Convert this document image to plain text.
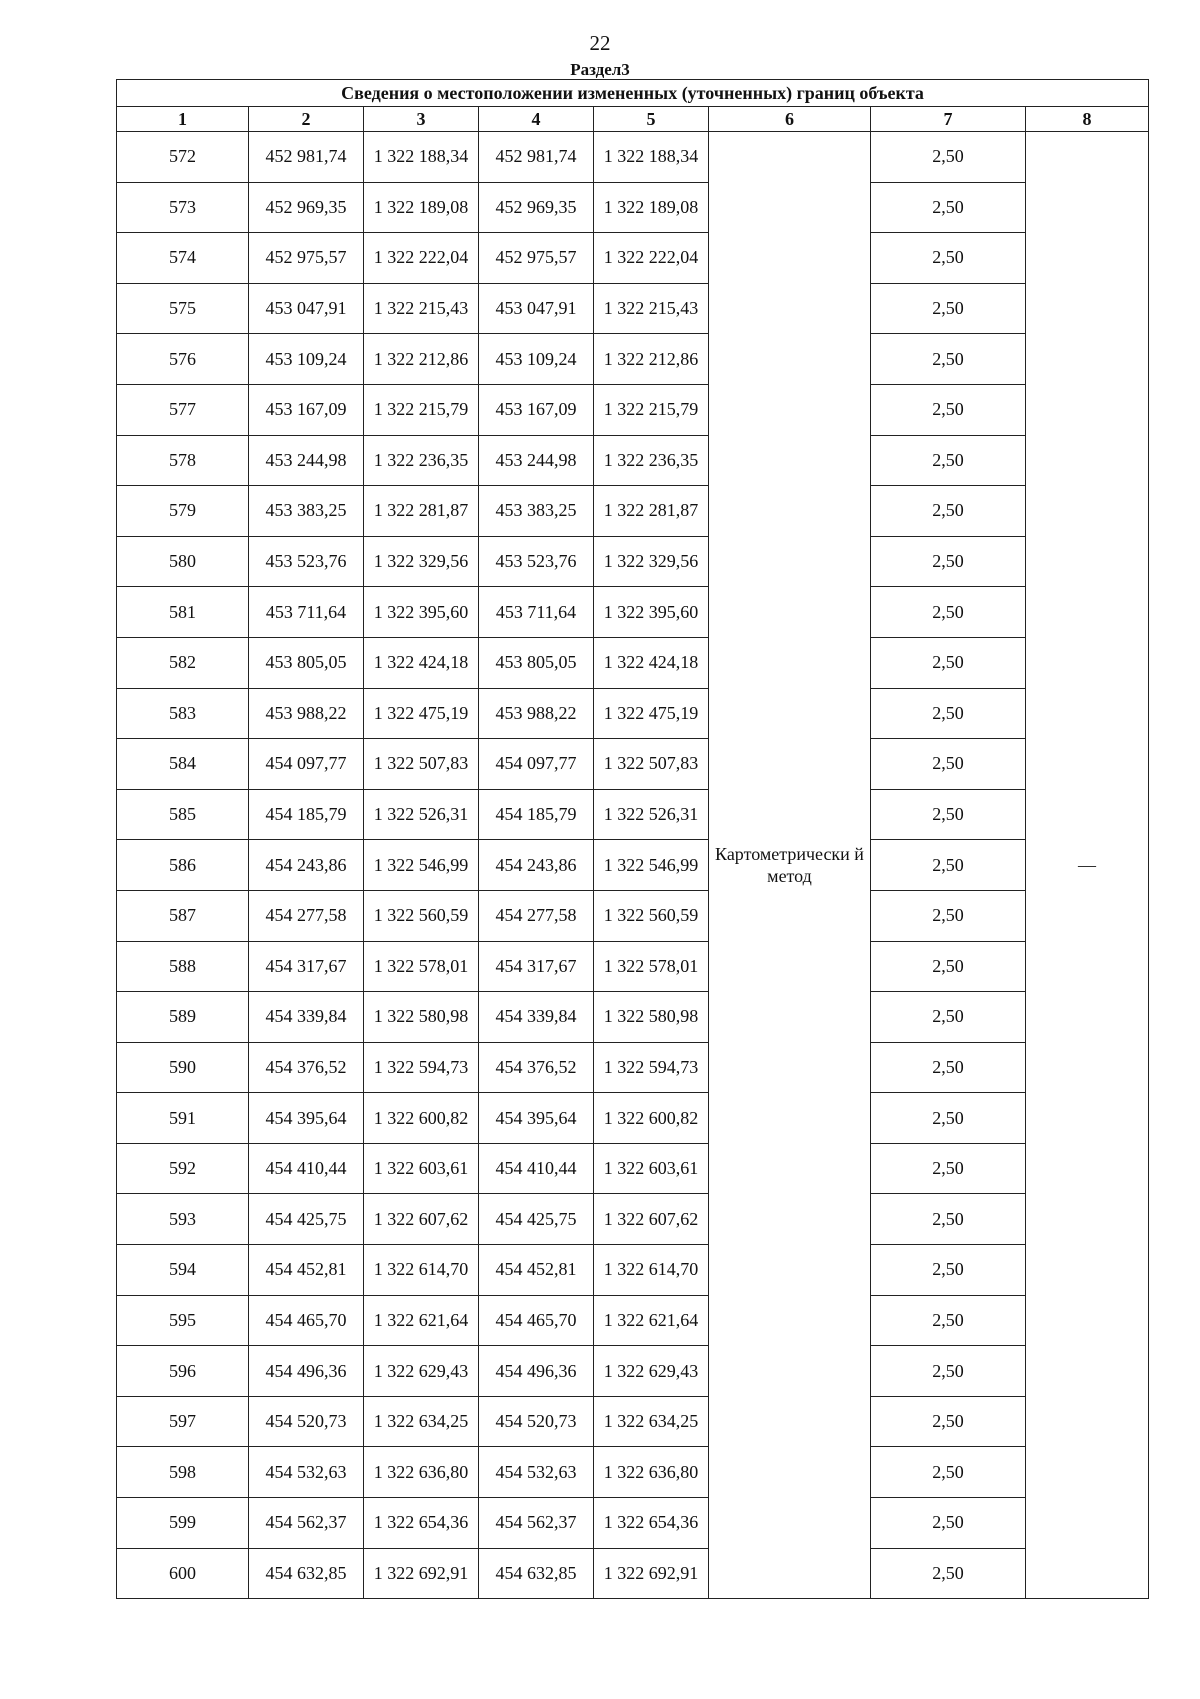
22
Раздел3
Сведения о местоположении измененных (уточненных) границ объекта							
1	2	3	4	5	6	7	8
572	452 981,74	1 322 188,34	452 981,74	1 322 188,34	Картометрически й метод	2,50	—
573	452 969,35	1 322 189,08	452 969,35	1 322 189,08		2,50	
574	452 975,57	1 322 222,04	452 975,57	1 322 222,04		2,50	
575	453 047,91	1 322 215,43	453 047,91	1 322 215,43		2,50	
576	453 109,24	1 322 212,86	453 109,24	1 322 212,86		2,50	
577	453 167,09	1 322 215,79	453 167,09	1 322 215,79		2,50	
578	453 244,98	1 322 236,35	453 244,98	1 322 236,35		2,50	
579	453 383,25	1 322 281,87	453 383,25	1 322 281,87		2,50	
580	453 523,76	1 322 329,56	453 523,76	1 322 329,56		2,50	
581	453 711,64	1 322 395,60	453 711,64	1 322 395,60		2,50	
582	453 805,05	1 322 424,18	453 805,05	1 322 424,18		2,50	
583	453 988,22	1 322 475,19	453 988,22	1 322 475,19		2,50	
584	454 097,77	1 322 507,83	454 097,77	1 322 507,83		2,50	
585	454 185,79	1 322 526,31	454 185,79	1 322 526,31		2,50	
586	454 243,86	1 322 546,99	454 243,86	1 322 546,99		2,50	
587	454 277,58	1 322 560,59	454 277,58	1 322 560,59		2,50	
588	454 317,67	1 322 578,01	454 317,67	1 322 578,01		2,50	
589	454 339,84	1 322 580,98	454 339,84	1 322 580,98		2,50	
590	454 376,52	1 322 594,73	454 376,52	1 322 594,73		2,50	
591	454 395,64	1 322 600,82	454 395,64	1 322 600,82		2,50	
592	454 410,44	1 322 603,61	454 410,44	1 322 603,61		2,50	
593	454 425,75	1 322 607,62	454 425,75	1 322 607,62		2,50	
594	454 452,81	1 322 614,70	454 452,81	1 322 614,70		2,50	
595	454 465,70	1 322 621,64	454 465,70	1 322 621,64		2,50	
596	454 496,36	1 322 629,43	454 496,36	1 322 629,43		2,50	
597	454 520,73	1 322 634,25	454 520,73	1 322 634,25		2,50	
598	454 532,63	1 322 636,80	454 532,63	1 322 636,80		2,50	
599	454 562,37	1 322 654,36	454 562,37	1 322 654,36		2,50	
600	454 632,85	1 322 692,91	454 632,85	1 322 692,91		2,50	
